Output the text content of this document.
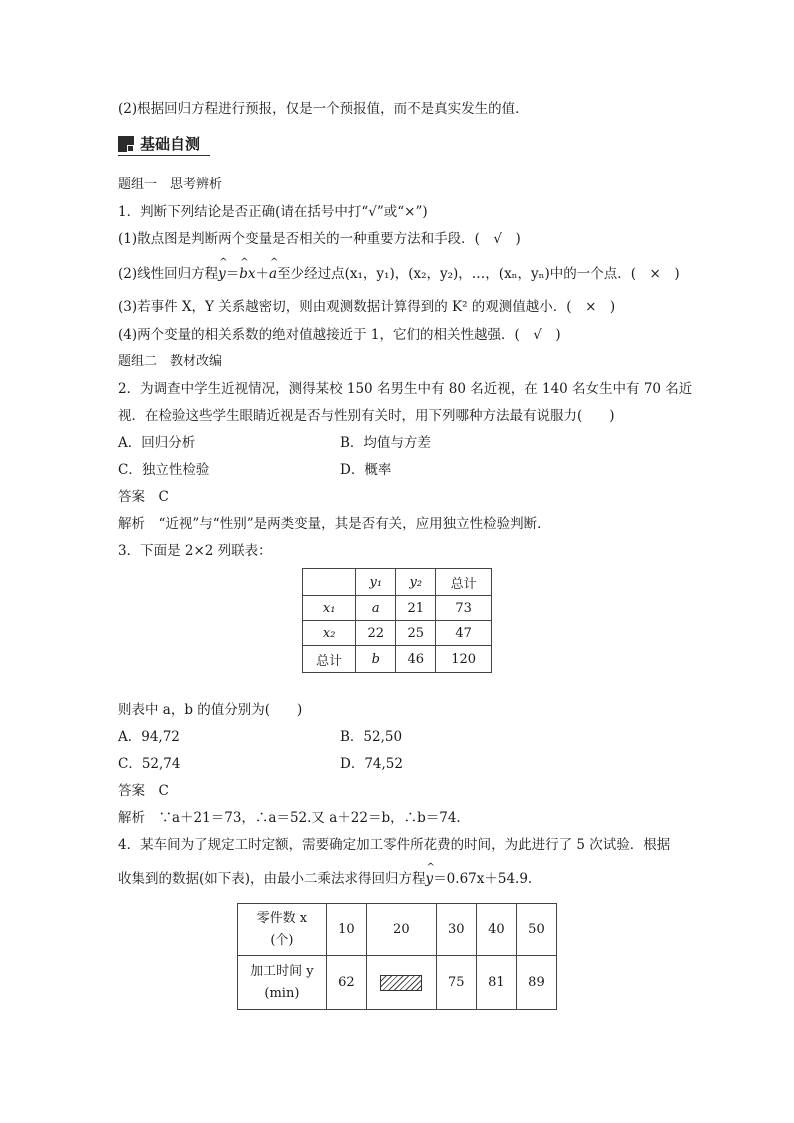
(2)根据回归方程进行预报，仅是一个预报值，而不是真实发生的值．
基础自测
题组一　思考辨析
1．判断下列结论是否正确(请在括号中打“√”或“×”)
(1)散点图是判断两个变量是否相关的一种重要方法和手段．(　√　)
(2)线性回归方程^ y＝^ bx＋^ a至少经过点(x₁，y₁)，(x₂，y₂)，…，(xₙ，yₙ)中的一个点．(　×　)
(3)若事件 X，Y 关系越密切，则由观测数据计算得到的 K² 的观测值越小．(　×　)
(4)两个变量的相关系数的绝对值越接近于 1，它们的相关性越强．(　√　)
题组二　教材改编
2．为调查中学生近视情况，测得某校 150 名男生中有 80 名近视，在 140 名女生中有 70 名近
视．在检验这些学生眼睛近视是否与性别有关时，用下列哪种方法最有说服力(　　)
A．回归分析	B．均值与方差
C．独立性检验	D．概率
答案　C
解析　“近视”与“性别”是两类变量，其是否有关，应用独立性检验判断．
3．下面是 2×2 列联表：
	y₁	y₂	总计
x₁	a	21	73
x₂	22	25	47
总计	b	46	120
则表中 a，b 的值分别为(　　)
A．94,72	B．52,50
C．52,74	D．74,52
答案　C
解析　∵a＋21＝73，∴a＝52.又 a＋22＝b，∴b＝74.
4．某车间为了规定工时定额，需要确定加工零件所花费的时间，为此进行了 5 次试验．根据
收集到的数据(如下表)，由最小二乘法求得回归方程^ y＝0.67x＋54.9.
零件数 x
(个)	10	20	30	40	50

加工时间 y
(min)	62		75	81	89
